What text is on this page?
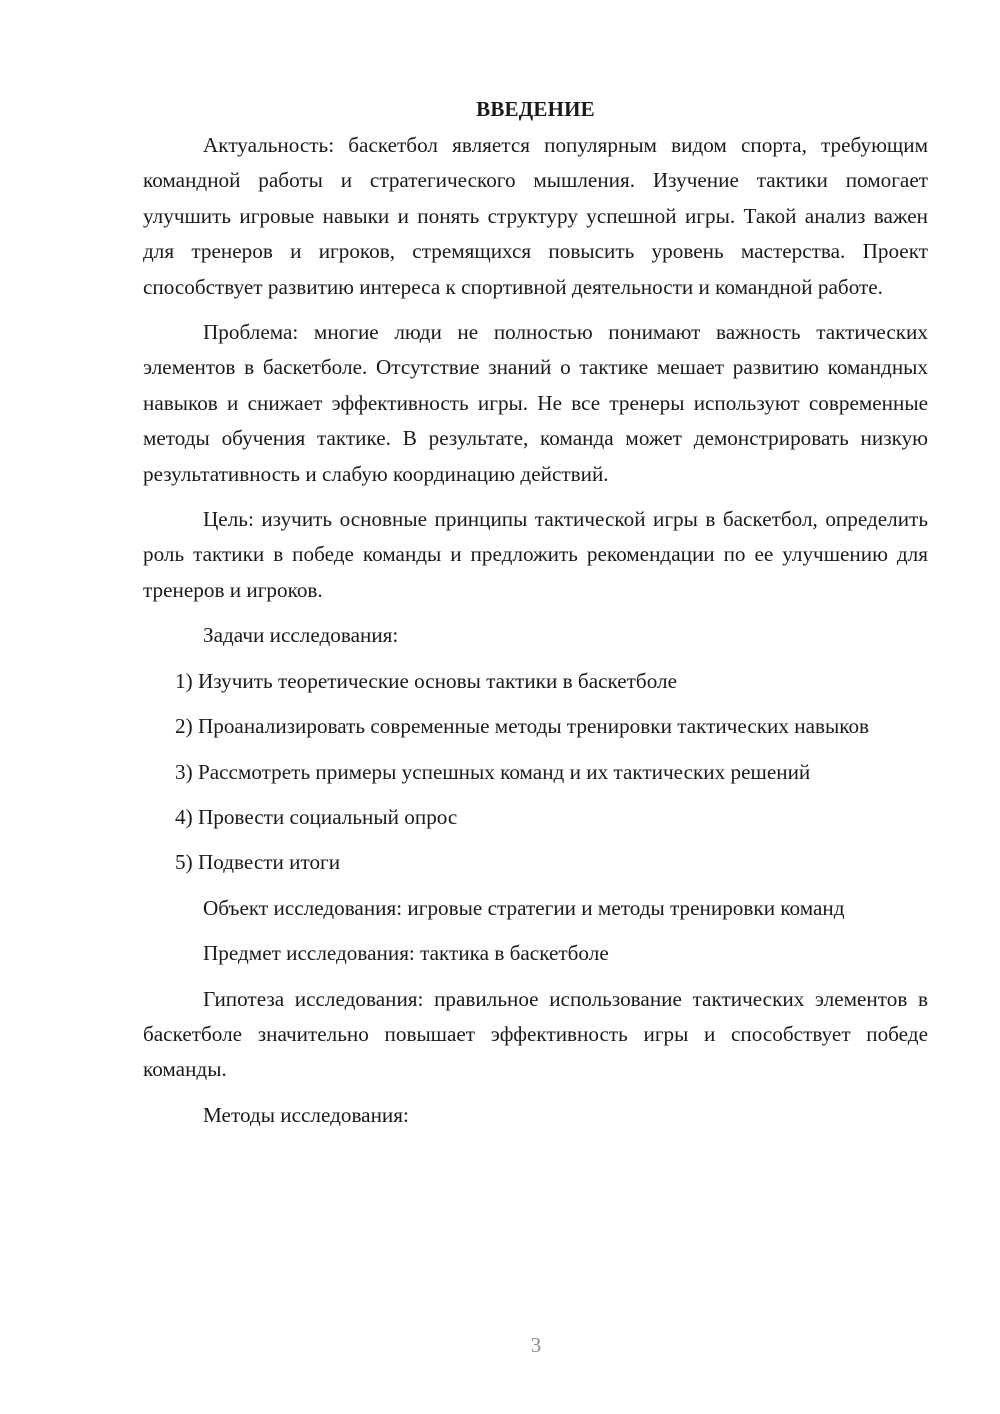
ВВЕДЕНИЕ

Актуальность: баскетбол является популярным видом спорта, требующим командной работы и стратегического мышления. Изучение тактики помогает улучшить игровые навыки и понять структуру успешной игры. Такой анализ важен для тренеров и игроков, стремящихся повысить уровень мастерства. Проект способствует развитию интереса к спортивной деятельности и командной работе.

Проблема: многие люди не полностью понимают важность тактических элементов в баскетболе. Отсутствие знаний о тактике мешает развитию командных навыков и снижает эффективность игры. Не все тренеры используют современные методы обучения тактике. В результате, команда может демонстрировать низкую результативность и слабую координацию действий.

Цель: изучить основные принципы тактической игры в баскетбол, определить роль тактики в победе команды и предложить рекомендации по ее улучшению для тренеров и игроков.

Задачи исследования:

1) Изучить теоретические основы тактики в баскетболе

2) Проанализировать современные методы тренировки тактических навыков

3) Рассмотреть примеры успешных команд и их тактических решений

4) Провести социальный опрос

5) Подвести итоги

Объект исследования: игровые стратегии и методы тренировки команд

Предмет исследования: тактика в баскетболе

Гипотеза исследования: правильное использование тактических элементов в баскетболе значительно повышает эффективность игры и способствует победе команды.

Методы исследования:

3
